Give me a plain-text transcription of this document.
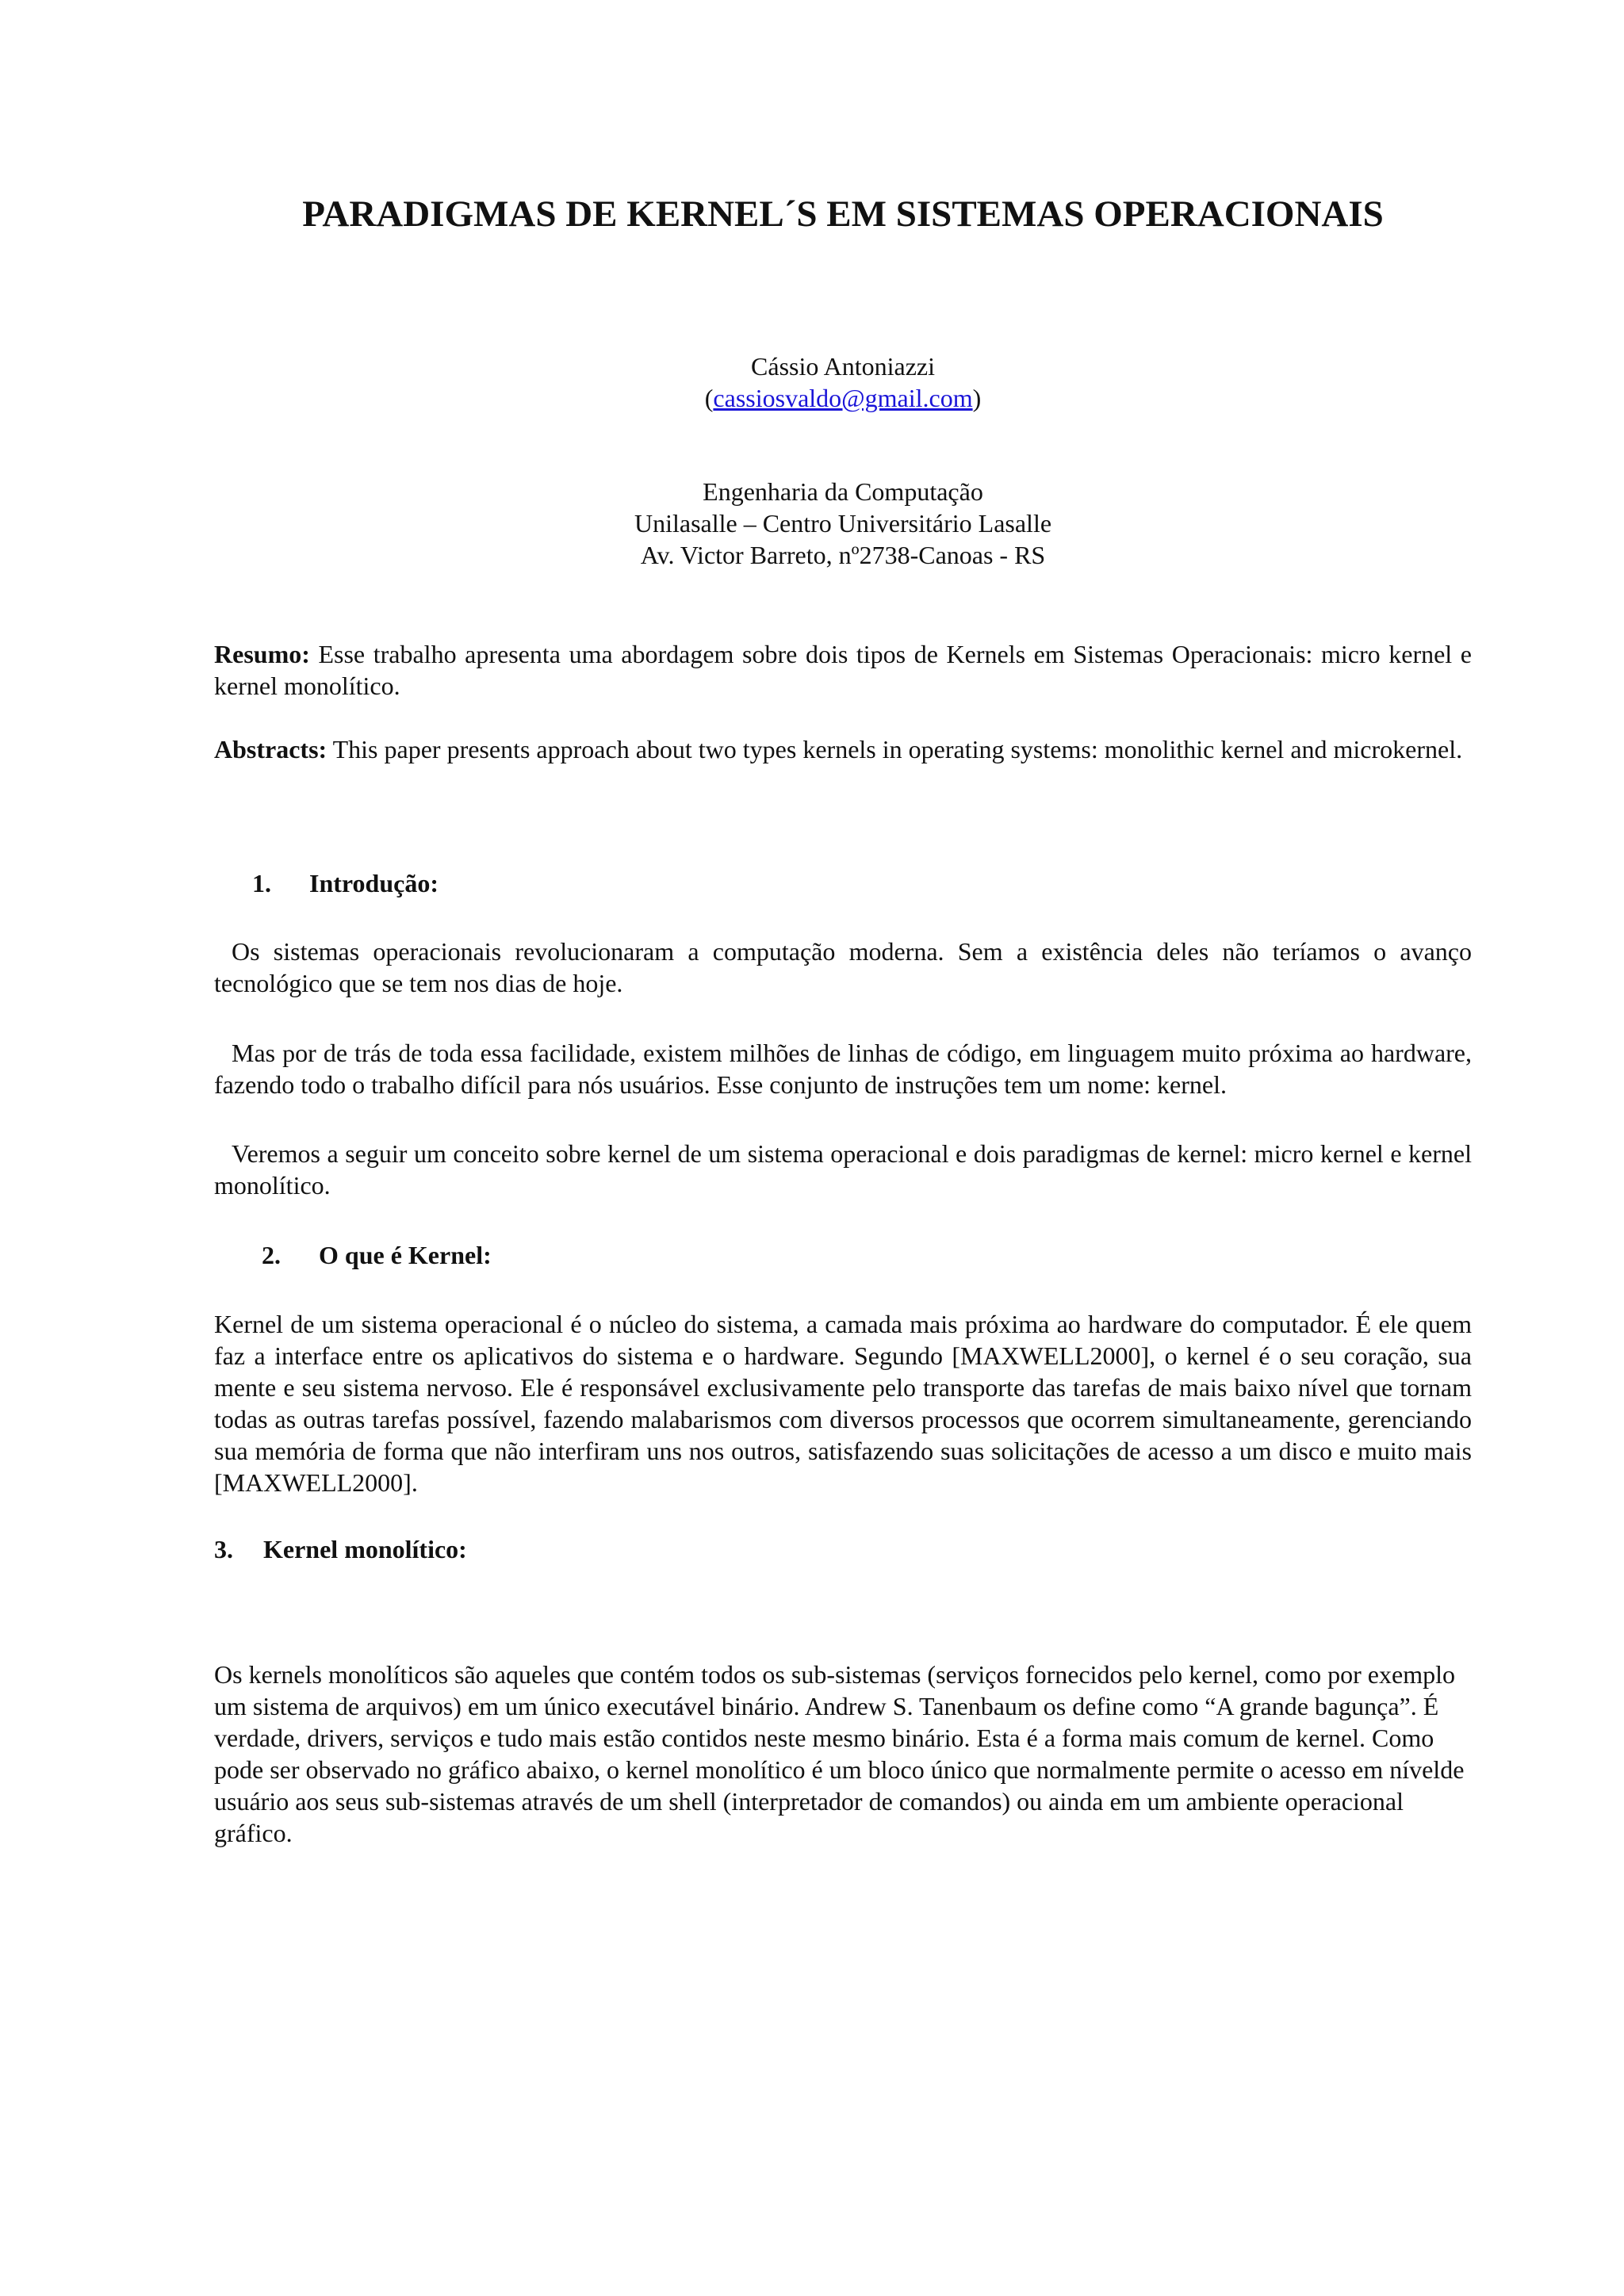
PARADIGMAS DE KERNEL´S EM SISTEMAS OPERACIONAIS
Cássio Antoniazzi
(cassiosvaldo@gmail.com)
Engenharia da Computação
Unilasalle – Centro Universitário Lasalle
Av. Victor Barreto, nº2738-Canoas - RS

Resumo: Esse trabalho apresenta uma abordagem sobre dois tipos de Kernels em Sistemas Operacionais: micro kernel e kernel monolítico.

Abstracts: This paper presents approach about two types kernels in operating systems: monolithic kernel and microkernel.

1. Introdução:

Os sistemas operacionais revolucionaram a computação moderna. Sem a existência deles não teríamos o avanço tecnológico que se tem nos dias de hoje.

Mas por de trás de toda essa facilidade, existem milhões de linhas de código, em linguagem muito próxima ao hardware, fazendo todo o trabalho difícil para nós usuários. Esse conjunto de instruções tem um nome: kernel.

Veremos a seguir um conceito sobre kernel de um sistema operacional e dois paradigmas de kernel: micro kernel e kernel monolítico.

2. O que é Kernel:

Kernel de um sistema operacional é o núcleo do sistema, a camada mais próxima ao hardware do computador. É ele quem faz a interface entre os aplicativos do sistema e o hardware. Segundo [MAXWELL2000], o kernel é o seu coração, sua mente e seu sistema nervoso. Ele é responsável exclusivamente pelo transporte das tarefas de mais baixo nível que tornam todas as outras tarefas possível, fazendo malabarismos com diversos processos que ocorrem simultaneamente, gerenciando sua memória de forma que não interfiram uns nos outros, satisfazendo suas solicitações de acesso a um disco e muito mais [MAXWELL2000].

3. Kernel monolítico:

Os kernels monolíticos são aqueles que contém todos os sub-sistemas (serviços fornecidos pelo kernel, como por exemplo um sistema de arquivos) em um único executável binário. Andrew S. Tanenbaum os define como “A grande bagunça”. É verdade, drivers, serviços e tudo mais estão contidos neste mesmo binário. Esta é a forma mais comum de kernel. Como pode ser observado no gráfico abaixo, o kernel monolítico é um bloco único que normalmente permite o acesso em nívelde usuário aos seus sub-sistemas através de um shell (interpretador de comandos) ou ainda em um ambiente operacional gráfico.
